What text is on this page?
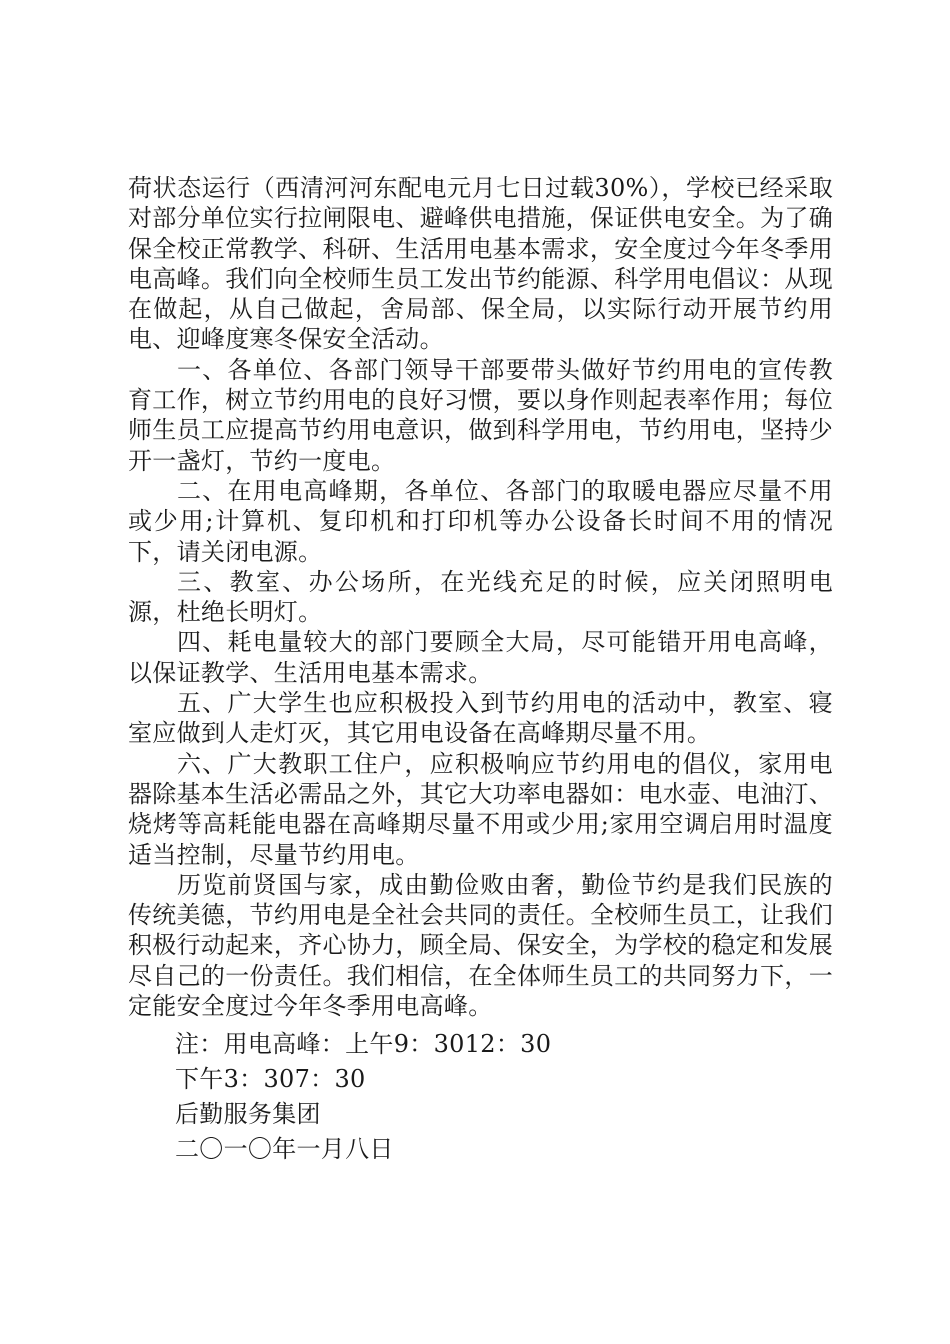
荷状态运行（西清河河东配电元月七日过载30%），学校已经采取对部分单位实行拉闸限电、避峰供电措施，保证供电安全。为了确保全校正常教学、科研、生活用电基本需求，安全度过今年冬季用电高峰。我们向全校师生员工发出节约能源、科学用电倡议：从现在做起，从自己做起，舍局部、保全局，以实际行动开展节约用电、迎峰度寒冬保安全活动。

一、各单位、各部门领导干部要带头做好节约用电的宣传教育工作，树立节约用电的良好习惯，要以身作则起表率作用；每位师生员工应提高节约用电意识，做到科学用电，节约用电，坚持少开一盏灯，节约一度电。

二、在用电高峰期，各单位、各部门的取暖电器应尽量不用或少用;计算机、复印机和打印机等办公设备长时间不用的情况下，请关闭电源。

三、教室、办公场所，在光线充足的时候，应关闭照明电源，杜绝长明灯。

四、耗电量较大的部门要顾全大局，尽可能错开用电高峰，以保证教学、生活用电基本需求。

五、广大学生也应积极投入到节约用电的活动中，教室、寝室应做到人走灯灭，其它用电设备在高峰期尽量不用。

六、广大教职工住户，应积极响应节约用电的倡仪，家用电器除基本生活必需品之外，其它大功率电器如：电水壶、电油汀、烧烤等高耗能电器在高峰期尽量不用或少用;家用空调启用时温度适当控制，尽量节约用电。

历览前贤国与家，成由勤俭败由奢，勤俭节约是我们民族的传统美德，节约用电是全社会共同的责任。全校师生员工，让我们积极行动起来，齐心协力，顾全局、保安全，为学校的稳定和发展尽自己的一份责任。我们相信，在全体师生员工的共同努力下，一定能安全度过今年冬季用电高峰。

注：用电高峰：上午9：3012：30

下午3：307：30

后勤服务集团

二〇一〇年一月八日
